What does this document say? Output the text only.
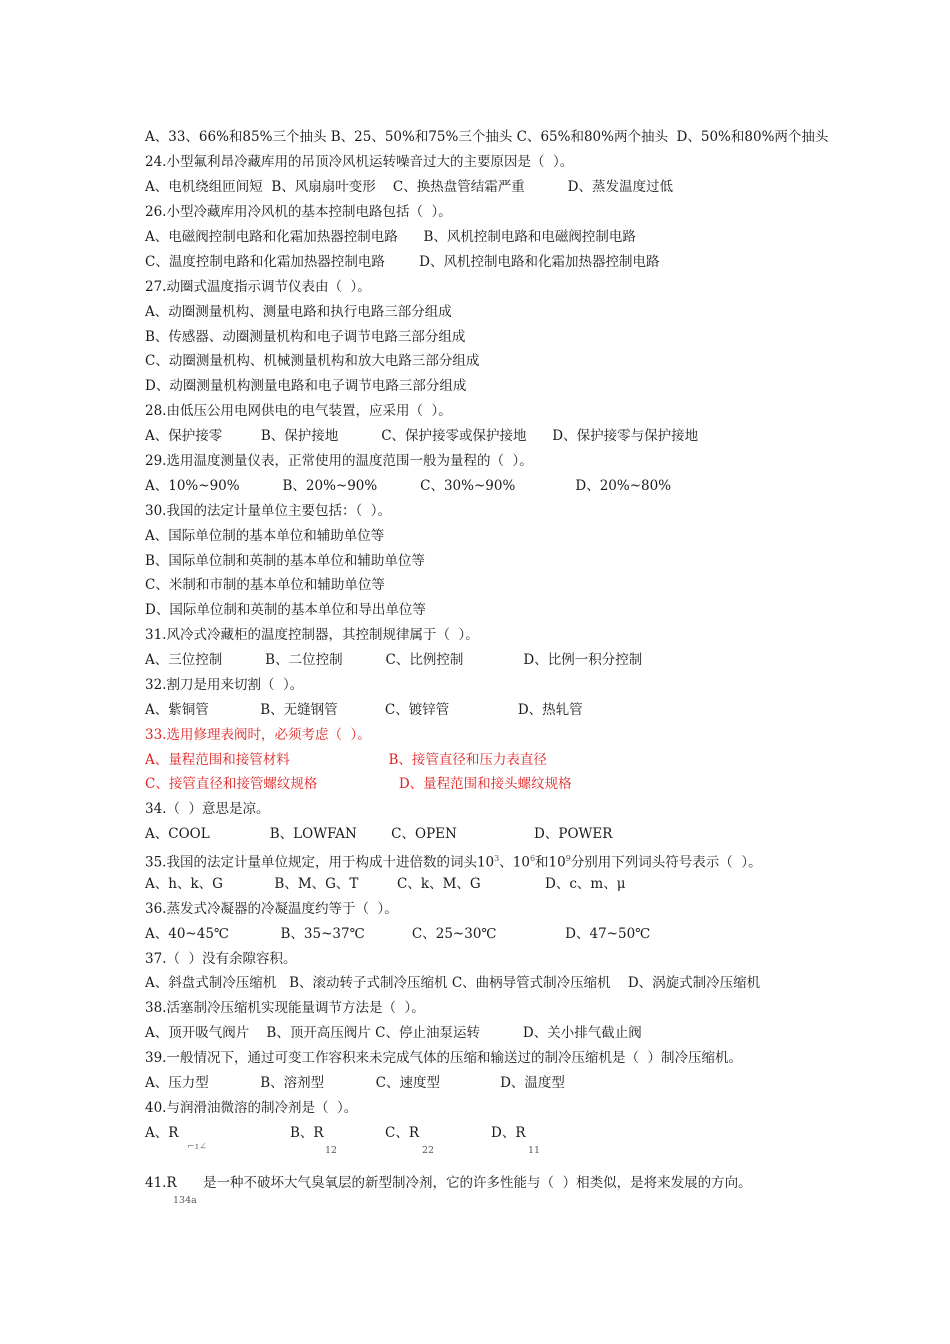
A、33、66%和85%三个抽头 B、25、50%和75%三个抽头 C、65%和80%两个抽头  D、50%和80%两个抽头
24.小型氟利昂冷藏库用的吊顶冷风机运转噪音过大的主要原因是（  ）。
A、电机绕组匝间短  B、风扇扇叶变形    C、换热盘管结霜严重          D、蒸发温度过低
26.小型冷藏库用冷风机的基本控制电路包括（  ）。
A、电磁阀控制电路和化霜加热器控制电路      B、风机控制电路和电磁阀控制电路
C、温度控制电路和化霜加热器控制电路        D、风机控制电路和化霜加热器控制电路
27.动圈式温度指示调节仪表由（  ）。
A、动圈测量机构、测量电路和执行电路三部分组成
B、传感器、动圈测量机构和电子调节电路三部分组成
C、动圈测量机构、机械测量机构和放大电路三部分组成
D、动圈测量机构测量电路和电子调节电路三部分组成
28.由低压公用电网供电的电气装置，应采用（  ）。
A、保护接零         B、保护接地          C、保护接零或保护接地      D、保护接零与保护接地
29.选用温度测量仪表，正常使用的温度范围一般为量程的（  ）。
A、10%~90%          B、20%~90%          C、30%~90%              D、20%~80%
30.我国的法定计量单位主要包括：（  ）。
A、国际单位制的基本单位和辅助单位等
B、国际单位制和英制的基本单位和辅助单位等
C、米制和市制的基本单位和辅助单位等
D、国际单位制和英制的基本单位和导出单位等
31.风冷式冷藏柜的温度控制器，其控制规律属于（  ）。
A、三位控制          B、二位控制          C、比例控制              D、比例一积分控制
32.割刀是用来切割（  ）。
A、紫铜管            B、无缝钢管           C、镀锌管                D、热轧管
33.选用修理表阀时，必须考虑（  ）。
A、量程范围和接管材料                       B、接管直径和压力表直径
C、接管直径和接管螺纹规格                   D、量程范围和接头螺纹规格
34.（  ）意思是凉。
A、COOL              B、LOWFAN        C、OPEN                  D、POWER
35.我国的法定计量单位规定，用于构成十进倍数的词头$10^3$、$10^6$和$10^9$分别用下列词头符号表示（  ）。
A、h、k、G            B、M、G、T         C、k、M、G               D、c、m、μ
36.蒸发式冷凝器的冷凝温度约等于（  ）。
A、40~45℃            B、35~37℃           C、25~30℃                D、47~50℃
37.（  ）没有余隙容积。
A、斜盘式制冷压缩机   B、滚动转子式制冷压缩机 C、曲柄导管式制冷压缩机    D、涡旋式制冷压缩机
38.活塞制冷压缩机实现能量调节方法是（  ）。
A、顶开吸气阀片    B、顶开高压阀片 C、停止油泵运转          D、关小排气截止阀
39.一般情况下，通过可变工作容积来未完成气体的压缩和输送过的制冷压缩机是（  ）制冷压缩机。
A、压力型            B、溶剂型            C、速度型              D、温度型
40.与润滑油微溶的制冷剂是（  ）。

A、R

⌐ ɪ ∠

B、R

12

C、R

22

D、R

11

41.R

134a

是一种不破坏大气臭氧层的新型制冷剂，它的许多性能与（  ）相类似，是将来发展的方向。
